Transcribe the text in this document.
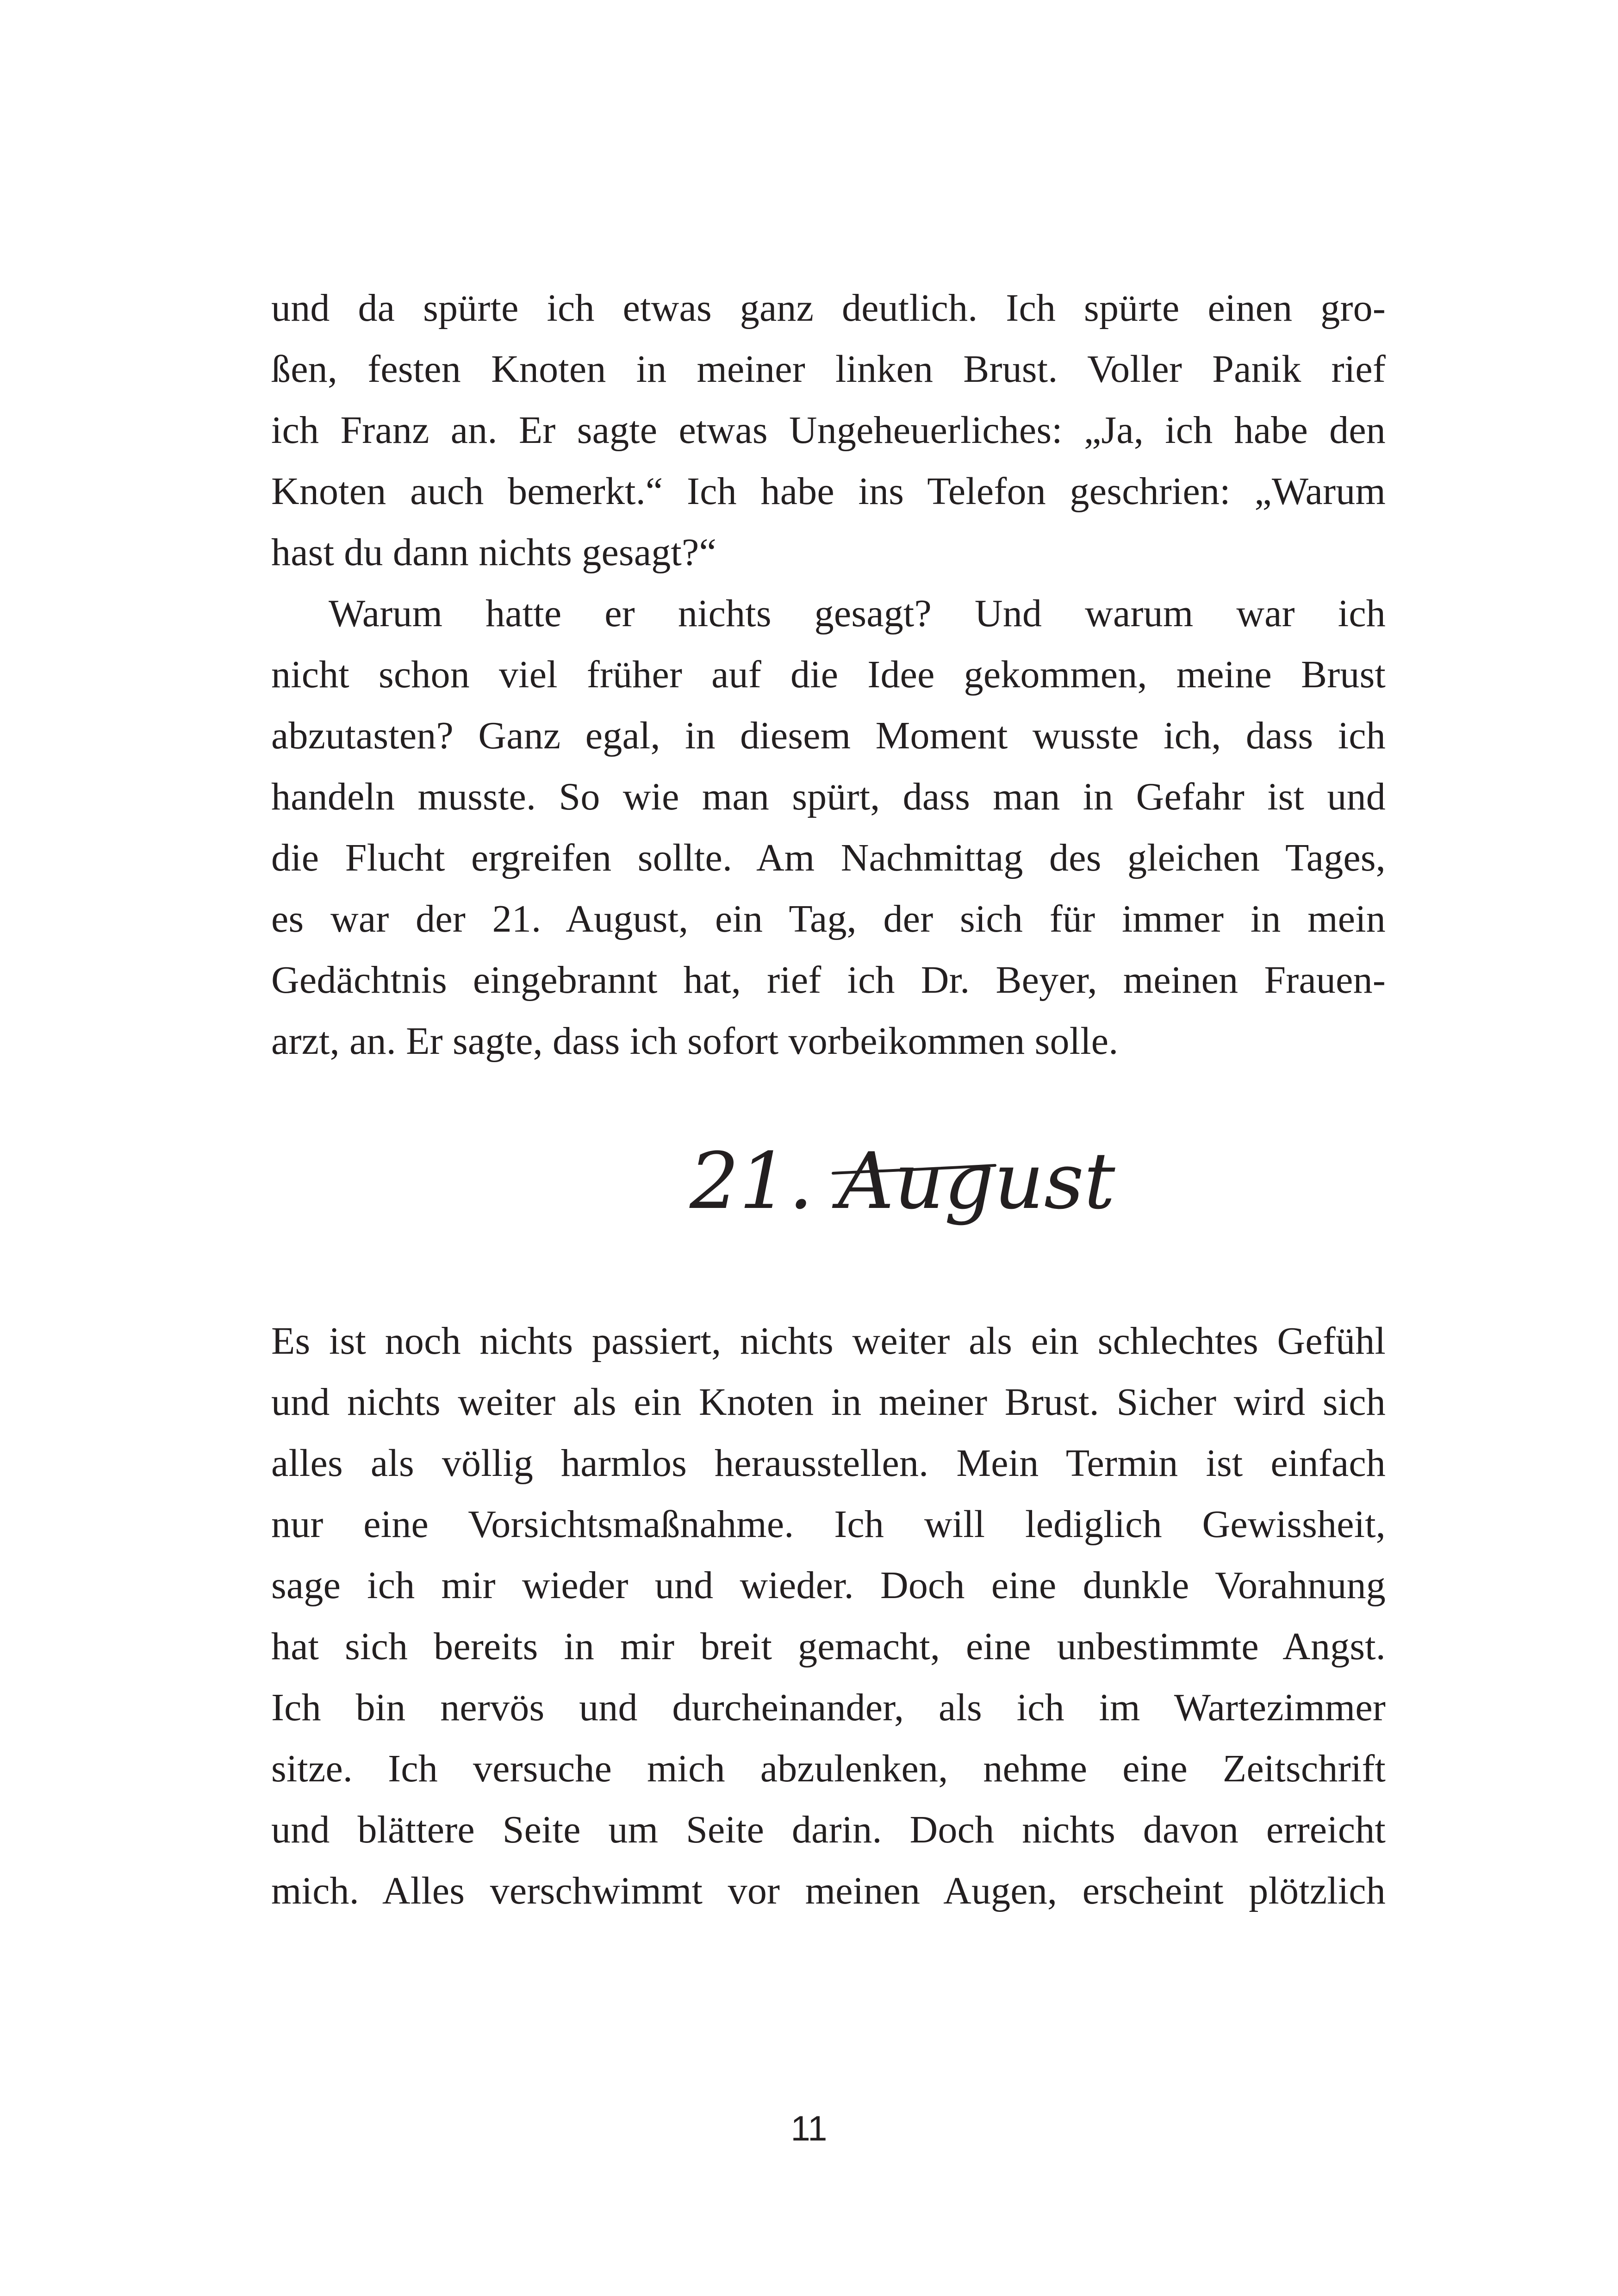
und da spürte ich etwas ganz deutlich. Ich spürte einen gro-
ßen, festen Knoten in meiner linken Brust. Voller Panik rief
ich Franz an. Er sagte etwas Ungeheuerliches: „Ja, ich habe den
Knoten auch bemerkt.“ Ich habe ins Telefon geschrien: „Warum
hast du dann nichts gesagt?“
Warum hatte er nichts gesagt? Und warum war ich
nicht schon viel früher auf die Idee gekommen, meine Brust
abzutasten? Ganz egal, in diesem Moment wusste ich, dass ich
handeln musste. So wie man spürt, dass man in Gefahr ist und
die Flucht ergreifen sollte. Am Nachmittag des gleichen Tages,
es war der 21. August, ein Tag, der sich für immer in mein
Gedächtnis eingebrannt hat, rief ich Dr. Beyer, meinen Frauen-
arzt, an. Er sagte, dass ich sofort vorbeikommen solle.
21. August
Es ist noch nichts passiert, nichts weiter als ein schlechtes Gefühl
und nichts weiter als ein Knoten in meiner Brust. Sicher wird sich
alles als völlig harmlos herausstellen. Mein Termin ist einfach
nur eine Vorsichtsmaßnahme. Ich will lediglich Gewissheit,
sage ich mir wieder und wieder. Doch eine dunkle Vorahnung
hat sich bereits in mir breit gemacht, eine unbestimmte Angst.
Ich bin nervös und durcheinander, als ich im Wartezimmer
sitze. Ich versuche mich abzulenken, nehme eine Zeitschrift
und blättere Seite um Seite darin. Doch nichts davon erreicht
mich. Alles verschwimmt vor meinen Augen, erscheint plötzlich
11
